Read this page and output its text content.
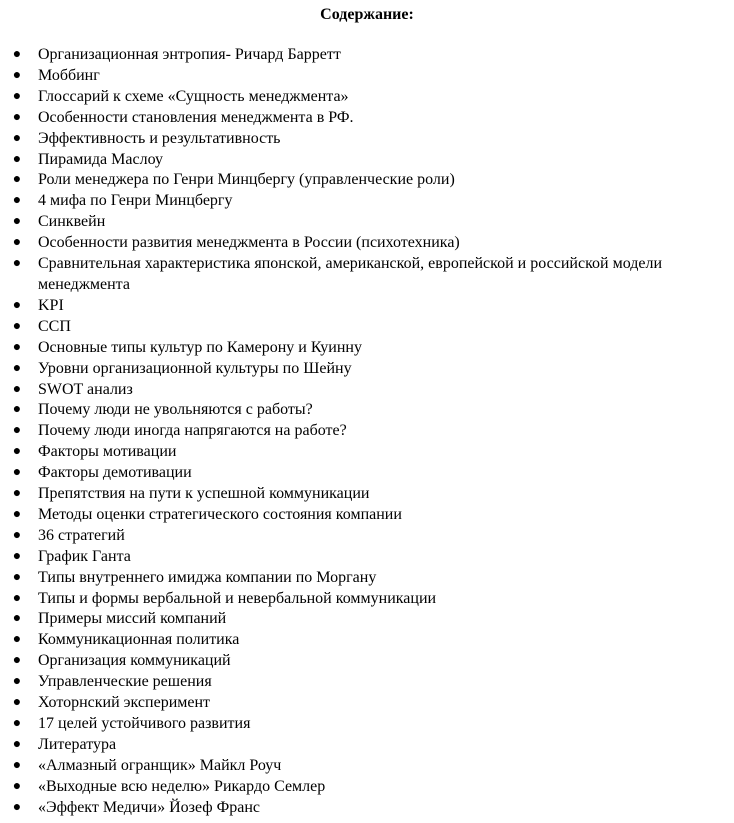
Содержание:
● Организационная энтропия- Ричард Барретт
● Моббинг
● Глоссарий к схеме «Сущность менеджмента»
● Особенности становления менеджмента в РФ.
● Эффективность и результативность
● Пирамида Маслоу
● Роли менеджера по Генри Минцбергу (управленческие роли)
● 4 мифа по Генри Минцбергу
● Синквейн
● Особенности развития менеджмента в России (психотехника)
● Сравнительная характеристика японской, американской, европейской и российской модели менеджмента
● KPI
● ССП
● Основные типы культур по Камерону и Куинну
● Уровни организационной культуры по Шейну
● SWOT анализ
● Почему люди не увольняются с работы?
● Почему люди иногда напрягаются на работе?
● Факторы мотивации
● Факторы демотивации
● Препятствия на пути к успешной коммуникации
● Методы оценки стратегического состояния компании
● 36 стратегий
● График Ганта
● Типы внутреннего имиджа компании по Моргану
● Типы и формы вербальной и невербальной коммуникации
● Примеры миссий компаний
● Коммуникационная политика
● Организация коммуникаций
● Управленческие решения
● Хоторнский эксперимент
● 17 целей устойчивого развития
● Литература
● «Алмазный огранщик» Майкл Роуч
● «Выходные всю неделю» Рикардо Семлер
● «Эффект Медичи» Йозеф Франс
